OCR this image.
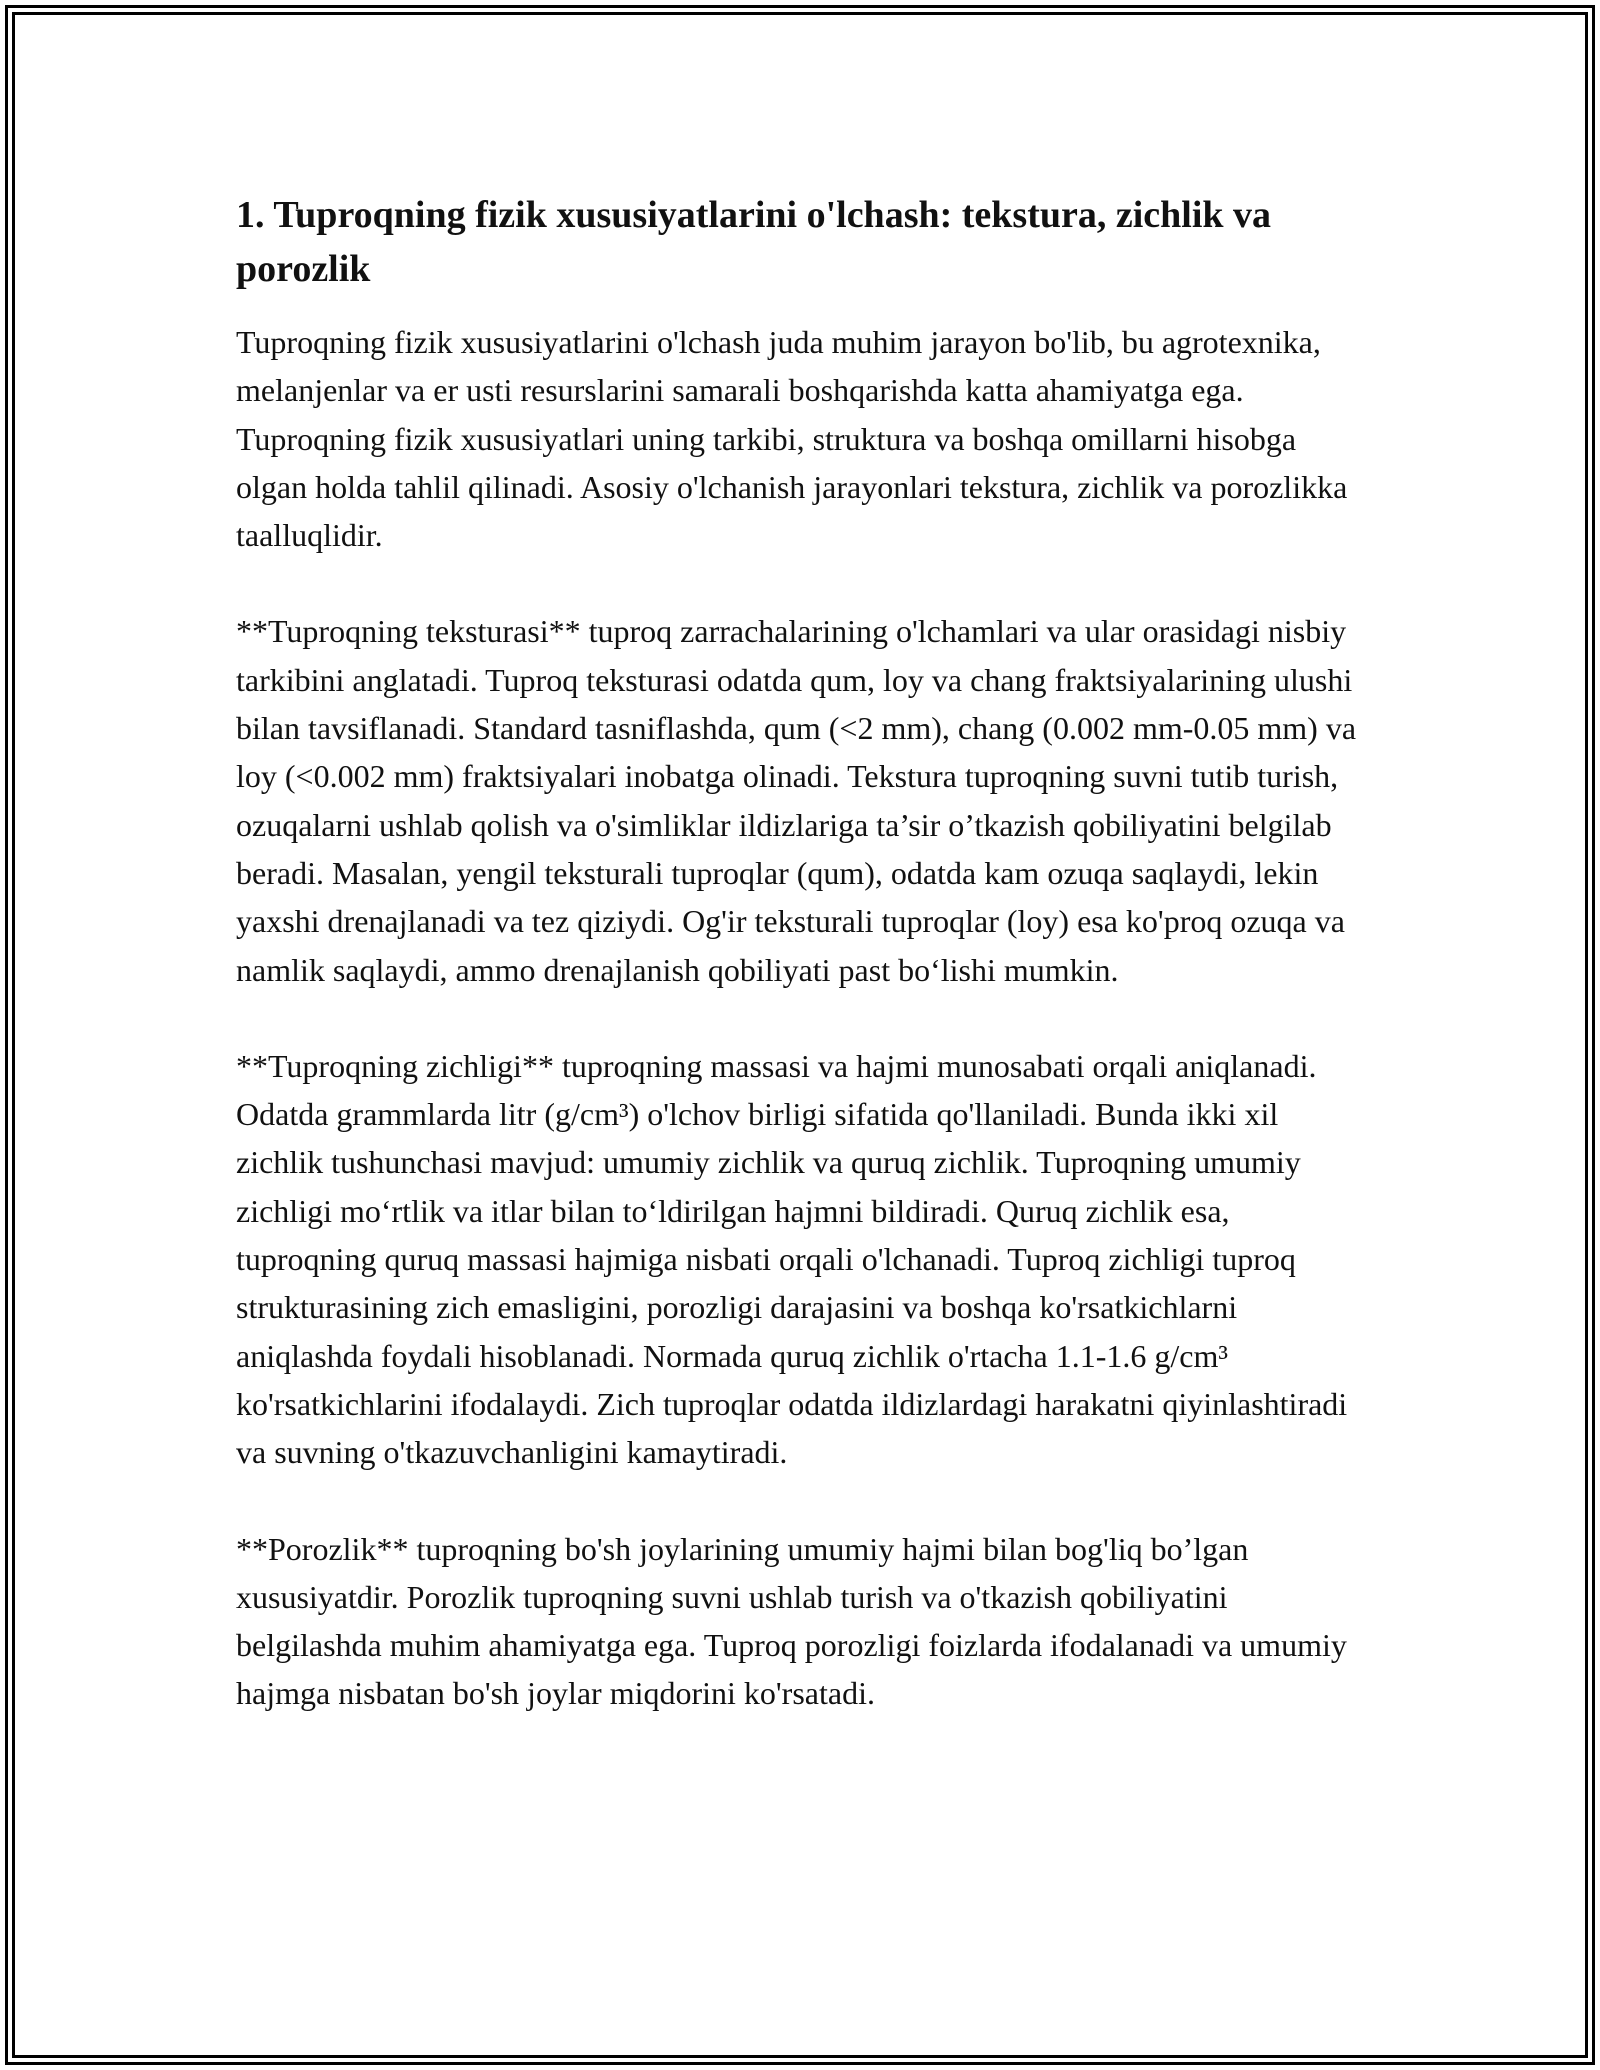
1. Tuproqning fizik xususiyatlarini o'lchash: tekstura, zichlik va porozlik

Tuproqning fizik xususiyatlarini o'lchash juda muhim jarayon bo'lib, bu agrotexnika, melanjenlar va er usti resurslarini samarali boshqarishda katta ahamiyatga ega. Tuproqning fizik xususiyatlari uning tarkibi, struktura va boshqa omillarni hisobga olgan holda tahlil qilinadi. Asosiy o'lchanish jarayonlari tekstura, zichlik va porozlikka taalluqlidir.

**Tuproqning teksturasi** tuproq zarrachalarining o'lchamlari va ular orasidagi nisbiy tarkibini anglatadi. Tuproq teksturasi odatda qum, loy va chang fraktsiyalarining ulushi bilan tavsiflanadi. Standard tasniflashda, qum (<2 mm), chang (0.002 mm-0.05 mm) va loy (<0.002 mm) fraktsiyalari inobatga olinadi. Tekstura tuproqning suvni tutib turish, ozuqalarni ushlab qolish va o'simliklar ildizlariga ta’sir o’tkazish qobiliyatini belgilab beradi. Masalan, yengil teksturali tuproqlar (qum), odatda kam ozuqa saqlaydi, lekin yaxshi drenajlanadi va tez qiziydi. Og'ir teksturali tuproqlar (loy) esa ko'proq ozuqa va namlik saqlaydi, ammo drenajlanish qobiliyati past bo‘lishi mumkin.

**Tuproqning zichligi** tuproqning massasi va hajmi munosabati orqali aniqlanadi. Odatda grammlarda litr (g/cm³) o'lchov birligi sifatida qo'llaniladi. Bunda ikki xil zichlik tushunchasi mavjud: umumiy zichlik va quruq zichlik. Tuproqning umumiy zichligi mo‘rtlik va itlar bilan to‘ldirilgan hajmni bildiradi. Quruq zichlik esa, tuproqning quruq massasi hajmiga nisbati orqali o'lchanadi. Tuproq zichligi tuproq strukturasining zich emasligini, porozligi darajasini va boshqa ko'rsatkichlarni aniqlashda foydali hisoblanadi. Normada quruq zichlik o'rtacha 1.1-1.6 g/cm³ ko'rsatkichlarini ifodalaydi. Zich tuproqlar odatda ildizlardagi harakatni qiyinlashtiradi va suvning o'tkazuvchanligini kamaytiradi.

**Porozlik** tuproqning bo'sh joylarining umumiy hajmi bilan bog'liq bo’lgan xususiyatdir. Porozlik tuproqning suvni ushlab turish va o'tkazish qobiliyatini belgilashda muhim ahamiyatga ega. Tuproq porozligi foizlarda ifodalanadi va umumiy hajmga nisbatan bo'sh joylar miqdorini ko'rsatadi.
